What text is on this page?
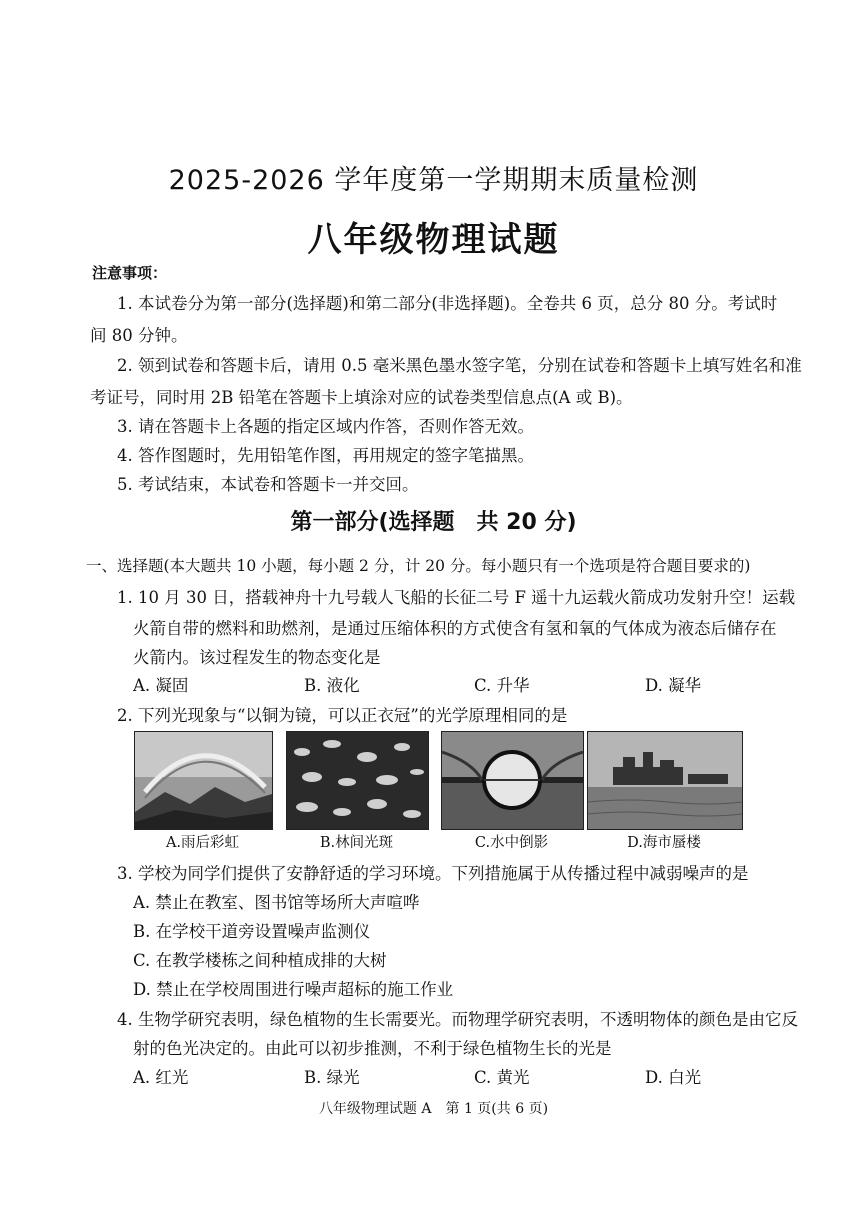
2025-2026 学年度第一学期期末质量检测
八年级物理试题
注意事项：
1. 本试卷分为第一部分(选择题)和第二部分(非选择题)。全卷共 6 页，总分 80 分。考试时
间 80 分钟。
2. 领到试卷和答题卡后，请用 0.5 毫米黑色墨水签字笔，分别在试卷和答题卡上填写姓名和准
考证号，同时用 2B 铅笔在答题卡上填涂对应的试卷类型信息点(A 或 B)。
3. 请在答题卡上各题的指定区域内作答，否则作答无效。
4. 答作图题时，先用铅笔作图，再用规定的签字笔描黑。
5. 考试结束，本试卷和答题卡一并交回。
第一部分(选择题　共 20 分)
一、选择题(本大题共 10 小题，每小题 2 分，计 20 分。每小题只有一个选项是符合题目要求的)
1. 10 月 30 日，搭载神舟十九号载人飞船的长征二号 F 遥十九运载火箭成功发射升空！运载
火箭自带的燃料和助燃剂，是通过压缩体积的方式使含有氢和氧的气体成为液态后储存在
火箭内。该过程发生的物态变化是
A. 凝固	B. 液化	C. 升华	D. 凝华
2. 下列光现象与“以铜为镜，可以正衣冠”的光学原理相同的是
A.雨后彩虹	B.林间光斑	C.水中倒影	D.海市蜃楼
3. 学校为同学们提供了安静舒适的学习环境。下列措施属于从传播过程中减弱噪声的是
A. 禁止在教室、图书馆等场所大声喧哗
B. 在学校干道旁设置噪声监测仪
C. 在教学楼栋之间种植成排的大树
D. 禁止在学校周围进行噪声超标的施工作业
4. 生物学研究表明，绿色植物的生长需要光。而物理学研究表明，不透明物体的颜色是由它反
射的色光决定的。由此可以初步推测，不利于绿色植物生长的光是
A. 红光	B. 绿光	C. 黄光	D. 白光
八年级物理试题 A　第 1 页(共 6 页)
